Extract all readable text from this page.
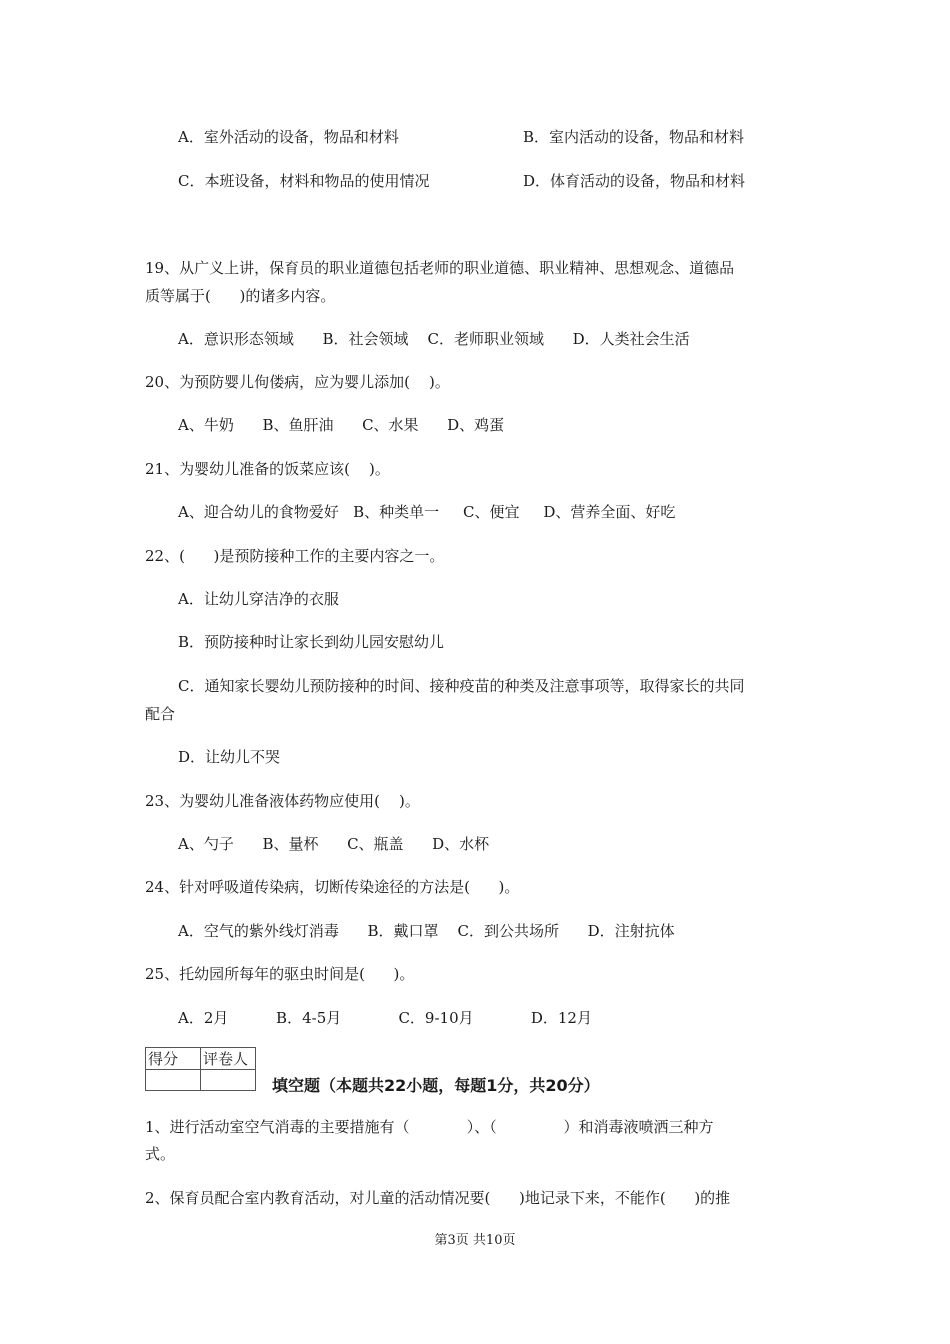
A．室外活动的设备，物品和材料	B．室内活动的设备，物品和材料
C．本班设备，材料和物品的使用情况	D．体育活动的设备，物品和材料
19、从广义上讲，保育员的职业道德包括老师的职业道德、职业精神、思想观念、道德品
质等属于(      )的诸多内容。
A．意识形态领域      B．社会领域    C．老师职业领域      D．人类社会生活
20、为预防婴儿佝偻病，应为婴儿添加(    )。
A、牛奶      B、鱼肝油      C、水果      D、鸡蛋
21、为婴幼儿准备的饭菜应该(    )。
A、迎合幼儿的食物爱好   B、种类单一     C、便宜     D、营养全面、好吃
22、(      )是预防接种工作的主要内容之一。
A．让幼儿穿洁净的衣服
B．预防接种时让家长到幼儿园安慰幼儿
C．通知家长婴幼儿预防接种的时间、接种疫苗的种类及注意事项等，取得家长的共同
配合
D．让幼儿不哭
23、为婴幼儿准备液体药物应使用(    )。
A、勺子      B、量杯      C、瓶盖      D、水杯
24、针对呼吸道传染病，切断传染途径的方法是(      )。
A．空气的紫外线灯消毒      B．戴口罩    C．到公共场所      D．注射抗体
25、托幼园所每年的驱虫时间是(      )。
A．2月          B．4-5月            C．9-10月            D．12月
得分	评卷人

填空题（本题共22小题，每题1分，共20分）
1、进行活动室空气消毒的主要措施有（            ）、（              ）和消毒液喷洒三种方
式。
2、保育员配合室内教育活动，对儿童的活动情况要(      )地记录下来，不能作(      )的推
第3页 共10页
